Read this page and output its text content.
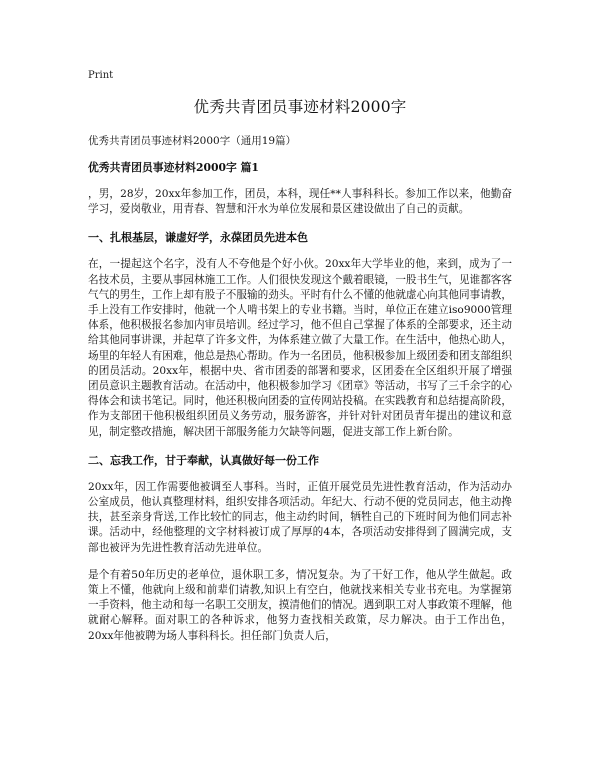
Print
优秀共青团员事迹材料2000字
优秀共青团员事迹材料2000字（通用19篇）
优秀共青团员事迹材料2000字 篇1

，男，28岁，20xx年参加工作，团员，本科，现任**人事科科长。参加工作以来，他勤奋学习，爱岗敬业，用青春、智慧和汗水为单位发展和景区建设做出了自己的贡献。

一、扎根基层，谦虚好学，永葆团员先进本色

在，一提起这个名字，没有人不夸他是个好小伙。20xx年大学毕业的他，来到，成为了一名技术员，主要从事园林施工工作。人们很快发现这个戴着眼镜，一股书生气，见谁都客客气气的男生，工作上却有股子不服输的劲头。平时有什么不懂的他就虚心向其他同事请教，手上没有工作安排时，他就一个人啃书架上的专业书籍。当时，单位正在建立iso9000管理体系，他积极报名参加内审员培训。经过学习，他不但自己掌握了体系的全部要求，还主动给其他同事讲课，并起草了许多文件，为体系建立做了大量工作。在生活中，他热心助人，场里的年轻人有困难，他总是热心帮助。作为一名团员，他积极参加上级团委和团支部组织的团员活动。20xx年，根据中央、省市团委的部署和要求，区团委在全区组织开展了增强团员意识主题教育活动。在活动中，他积极参加学习《团章》等活动，书写了三千余字的心得体会和读书笔记。同时，他还积极向团委的宣传网站投稿。在实践教育和总结提高阶段，作为支部团干他积极组织团员义务劳动，服务游客，并针对针对团员青年提出的建议和意见，制定整改措施，解决团干部服务能力欠缺等问题，促进支部工作上新台阶。

二、忘我工作，甘于奉献，认真做好每一份工作

20xx年，因工作需要他被调至人事科。当时，正值开展党员先进性教育活动，作为活动办公室成员，他认真整理材料，组织安排各项活动。年纪大、行动不便的党员同志，他主动搀扶，甚至亲身背送,工作比较忙的同志，他主动约时间，牺牲自己的下班时间为他们同志补课。活动中，经他整理的文字材料被订成了厚厚的4本，各项活动安排得到了圆满完成，支部也被评为先进性教育活动先进单位。

是个有着50年历史的老单位，退休职工多，情况复杂。为了干好工作，他从学生做起。政策上不懂，他就向上级和前辈们请教,知识上有空白，他就找来相关专业书充电。为掌握第一手资料，他主动和每一名职工交朋友，摸清他们的情况。遇到职工对人事政策不理解，他就耐心解释。面对职工的各种诉求，他努力查找相关政策，尽力解决。由于工作出色，20xx年他被聘为场人事科科长。担任部门负责人后，
